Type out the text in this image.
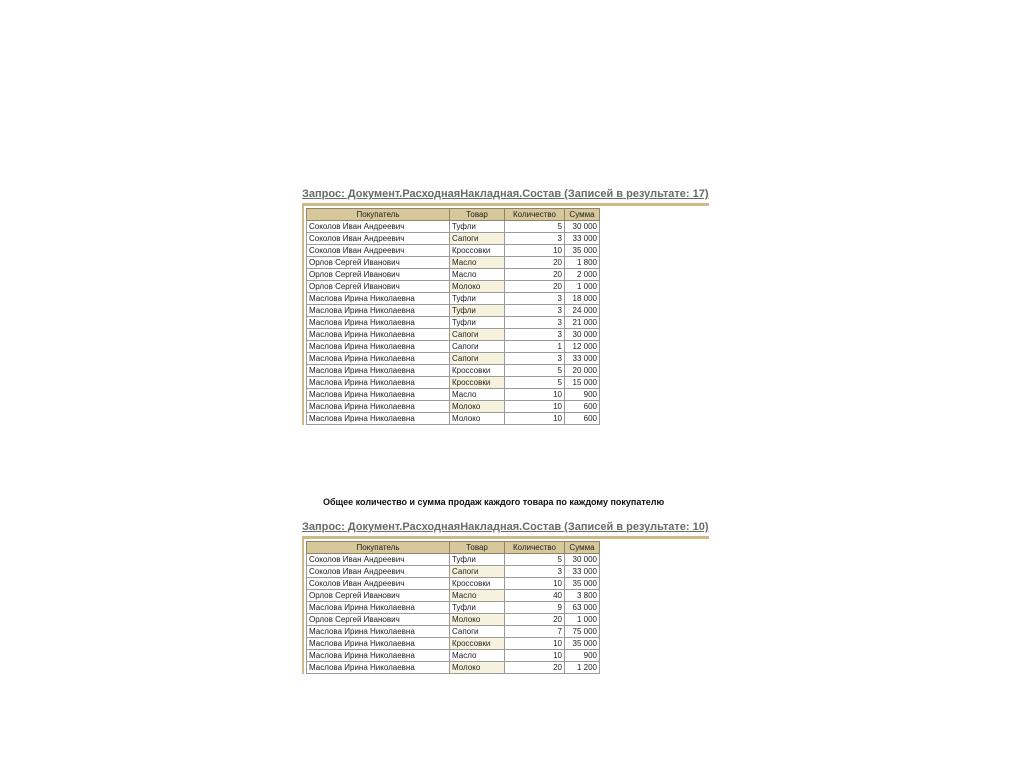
Запрос: Документ.РасходнаяНакладная.Состав (Записей в результате: 17)
Покупатель	Товар	Количество	Сумма
Соколов Иван Андреевич	Туфли	5	30 000
Соколов Иван Андреевич	Сапоги	3	33 000
Соколов Иван Андреевич	Кроссовки	10	35 000
Орлов Сергей Иванович	Масло	20	1 800
Орлов Сергей Иванович	Масло	20	2 000
Орлов Сергей Иванович	Молоко	20	1 000
Маслова Ирина Николаевна	Туфли	3	18 000
Маслова Ирина Николаевна	Туфли	3	24 000
Маслова Ирина Николаевна	Туфли	3	21 000
Маслова Ирина Николаевна	Сапоги	3	30 000
Маслова Ирина Николаевна	Сапоги	1	12 000
Маслова Ирина Николаевна	Сапоги	3	33 000
Маслова Ирина Николаевна	Кроссовки	5	20 000
Маслова Ирина Николаевна	Кроссовки	5	15 000
Маслова Ирина Николаевна	Масло	10	900
Маслова Ирина Николаевна	Молоко	10	600
Маслова Ирина Николаевна	Молоко	10	600
Общее количество и сумма продаж каждого товара по каждому покупателю
Запрос: Документ.РасходнаяНакладная.Состав (Записей в результате: 10)
Покупатель	Товар	Количество	Сумма
Соколов Иван Андреевич	Туфли	5	30 000
Соколов Иван Андреевич	Сапоги	3	33 000
Соколов Иван Андреевич	Кроссовки	10	35 000
Орлов Сергей Иванович	Масло	40	3 800
Маслова Ирина Николаевна	Туфли	9	63 000
Орлов Сергей Иванович	Молоко	20	1 000
Маслова Ирина Николаевна	Сапоги	7	75 000
Маслова Ирина Николаевна	Кроссовки	10	35 000
Маслова Ирина Николаевна	Масло	10	900
Маслова Ирина Николаевна	Молоко	20	1 200
